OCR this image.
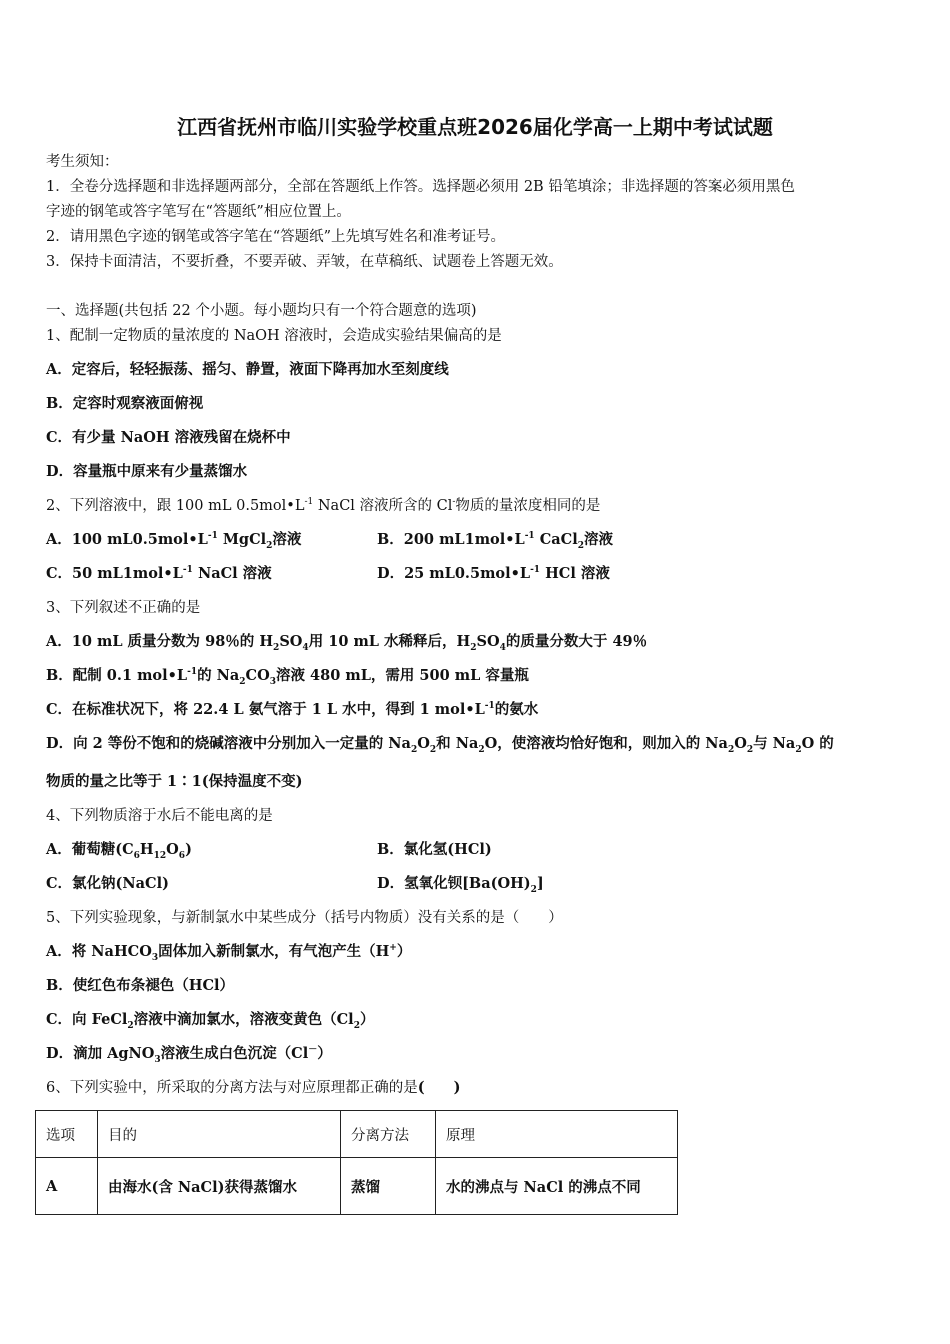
江西省抚州市临川实验学校重点班2026届化学高一上期中考试试题
考生须知：
1．全卷分选择题和非选择题两部分，全部在答题纸上作答。选择题必须用 2B 铅笔填涂；非选择题的答案必须用黑色
字迹的钢笔或答字笔写在“答题纸”相应位置上。
2．请用黑色字迹的钢笔或答字笔在“答题纸”上先填写姓名和准考证号。
3．保持卡面清洁，不要折叠，不要弄破、弄皱，在草稿纸、试题卷上答题无效。
一、选择题(共包括 22 个小题。每小题均只有一个符合题意的选项)
1、配制一定物质的量浓度的 NaOH 溶液时，会造成实验结果偏高的是
A．定容后，轻轻振荡、摇匀、静置，液面下降再加水至刻度线
B．定容时观察液面俯视
C．有少量 NaOH 溶液残留在烧杯中
D．容量瓶中原来有少量蒸馏水
2、下列溶液中，跟 100 mL $0.5mol•L^{-1}$ NaCl 溶液所含的 Cl-物质的量浓度相同的是
A．100 $mL0.5mol•L^{-1}$ MgCl$_2$溶液	B．200 $mL1mol•L^{-1}$ CaCl$_2$溶液
C．50 $mL1mol•L^{-1}$ NaCl 溶液	D．25 $mL0.5mol•L^{-1}$ HCl 溶液
3、下列叙述不正确的是
A．10 mL 质量分数为 98％的 $H_2SO_4$用 10 mL 水稀释后，$H_2SO_4$的质量分数大于 49％
B．配制 0.1 $mol•L^{-1}$的 $Na_2CO_3$溶液 480 mL，需用 500 mL 容量瓶
C．在标准状况下，将 22.4 L 氨气溶于 1 L 水中，得到 1 $mol•L^{-1}$的氨水
D．向 2 等份不饱和的烧碱溶液中分别加入一定量的 $Na_2O_2$和 $Na_2O$，使溶液均恰好饱和，则加入的 $Na_2O_2$与 $Na_2O$ 的
物质的量之比等于 1∶1(保持温度不变)
4、下列物质溶于水后不能电离的是
A．葡萄糖$(C_6H_{12}O_6)$	B．氯化氢(HCl)
C．氯化钠(NaCl)	D．氢氧化钡$[Ba(OH)_2]$
5、下列实验现象，与新制氯水中某些成分（括号内物质）没有关系的是（　　）
A．将 NaHCO$_3$固体加入新制氯水，有气泡产生（H+）
B．使红色布条褪色（HCl）
C．向 FeCl$_2$溶液中滴加氯水，溶液变黄色$(Cl_2)$
D．滴加 AgNO$_3$溶液生成白色沉淀（Cl－）
6、下列实验中，所采取的分离方法与对应原理都正确的是(　　)
选项	目的	分离方法	原理
A	由海水(含 NaCl)获得蒸馏水	蒸馏	水的沸点与 NaCl 的沸点不同
